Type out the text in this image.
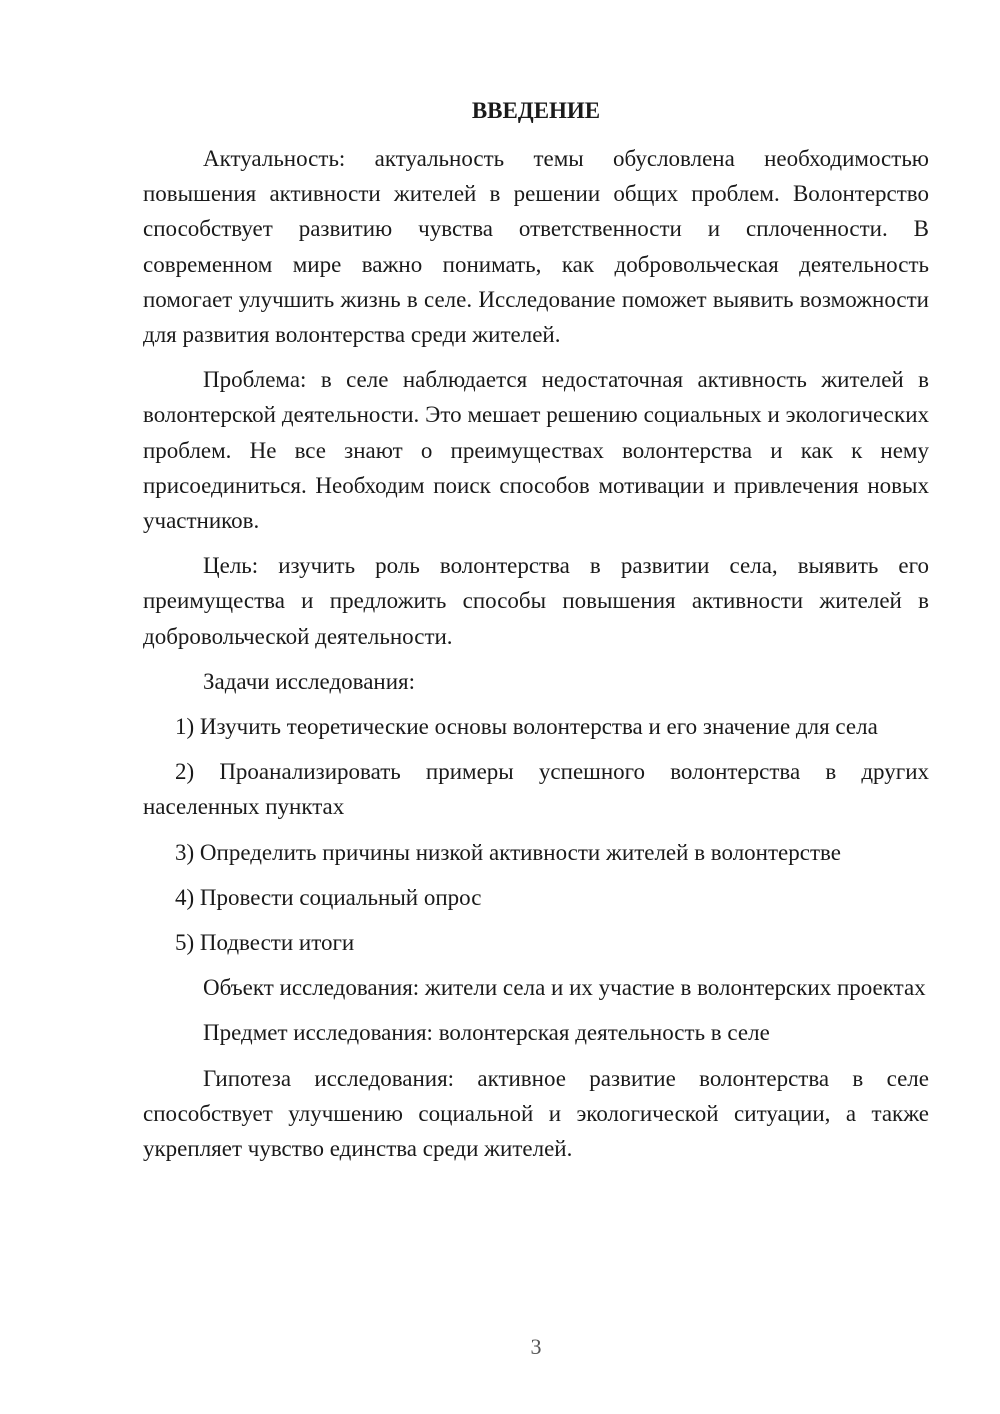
ВВЕДЕНИЕ

Актуальность: актуальность темы обусловлена необходимостью повышения активности жителей в решении общих проблем. Волонтерство способствует развитию чувства ответственности и сплоченности. В современном мире важно понимать, как добровольческая деятельность помогает улучшить жизнь в селе. Исследование поможет выявить возможности для развития волонтерства среди жителей.

Проблема: в селе наблюдается недостаточная активность жителей в волонтерской деятельности. Это мешает решению социальных и экологических проблем. Не все знают о преимуществах волонтерства и как к нему присоединиться. Необходим поиск способов мотивации и привлечения новых участников.

Цель: изучить роль волонтерства в развитии села, выявить его преимущества и предложить способы повышения активности жителей в добровольческой деятельности.

Задачи исследования:

1) Изучить теоретические основы волонтерства и его значение для села

2) Проанализировать примеры успешного волонтерства в других населенных пунктах

3) Определить причины низкой активности жителей в волонтерстве

4) Провести социальный опрос

5) Подвести итоги

Объект исследования: жители села и их участие в волонтерских проектах

Предмет исследования: волонтерская деятельность в селе

Гипотеза исследования: активное развитие волонтерства в селе способствует улучшению социальной и экологической ситуации, а также укрепляет чувство единства среди жителей.

3
